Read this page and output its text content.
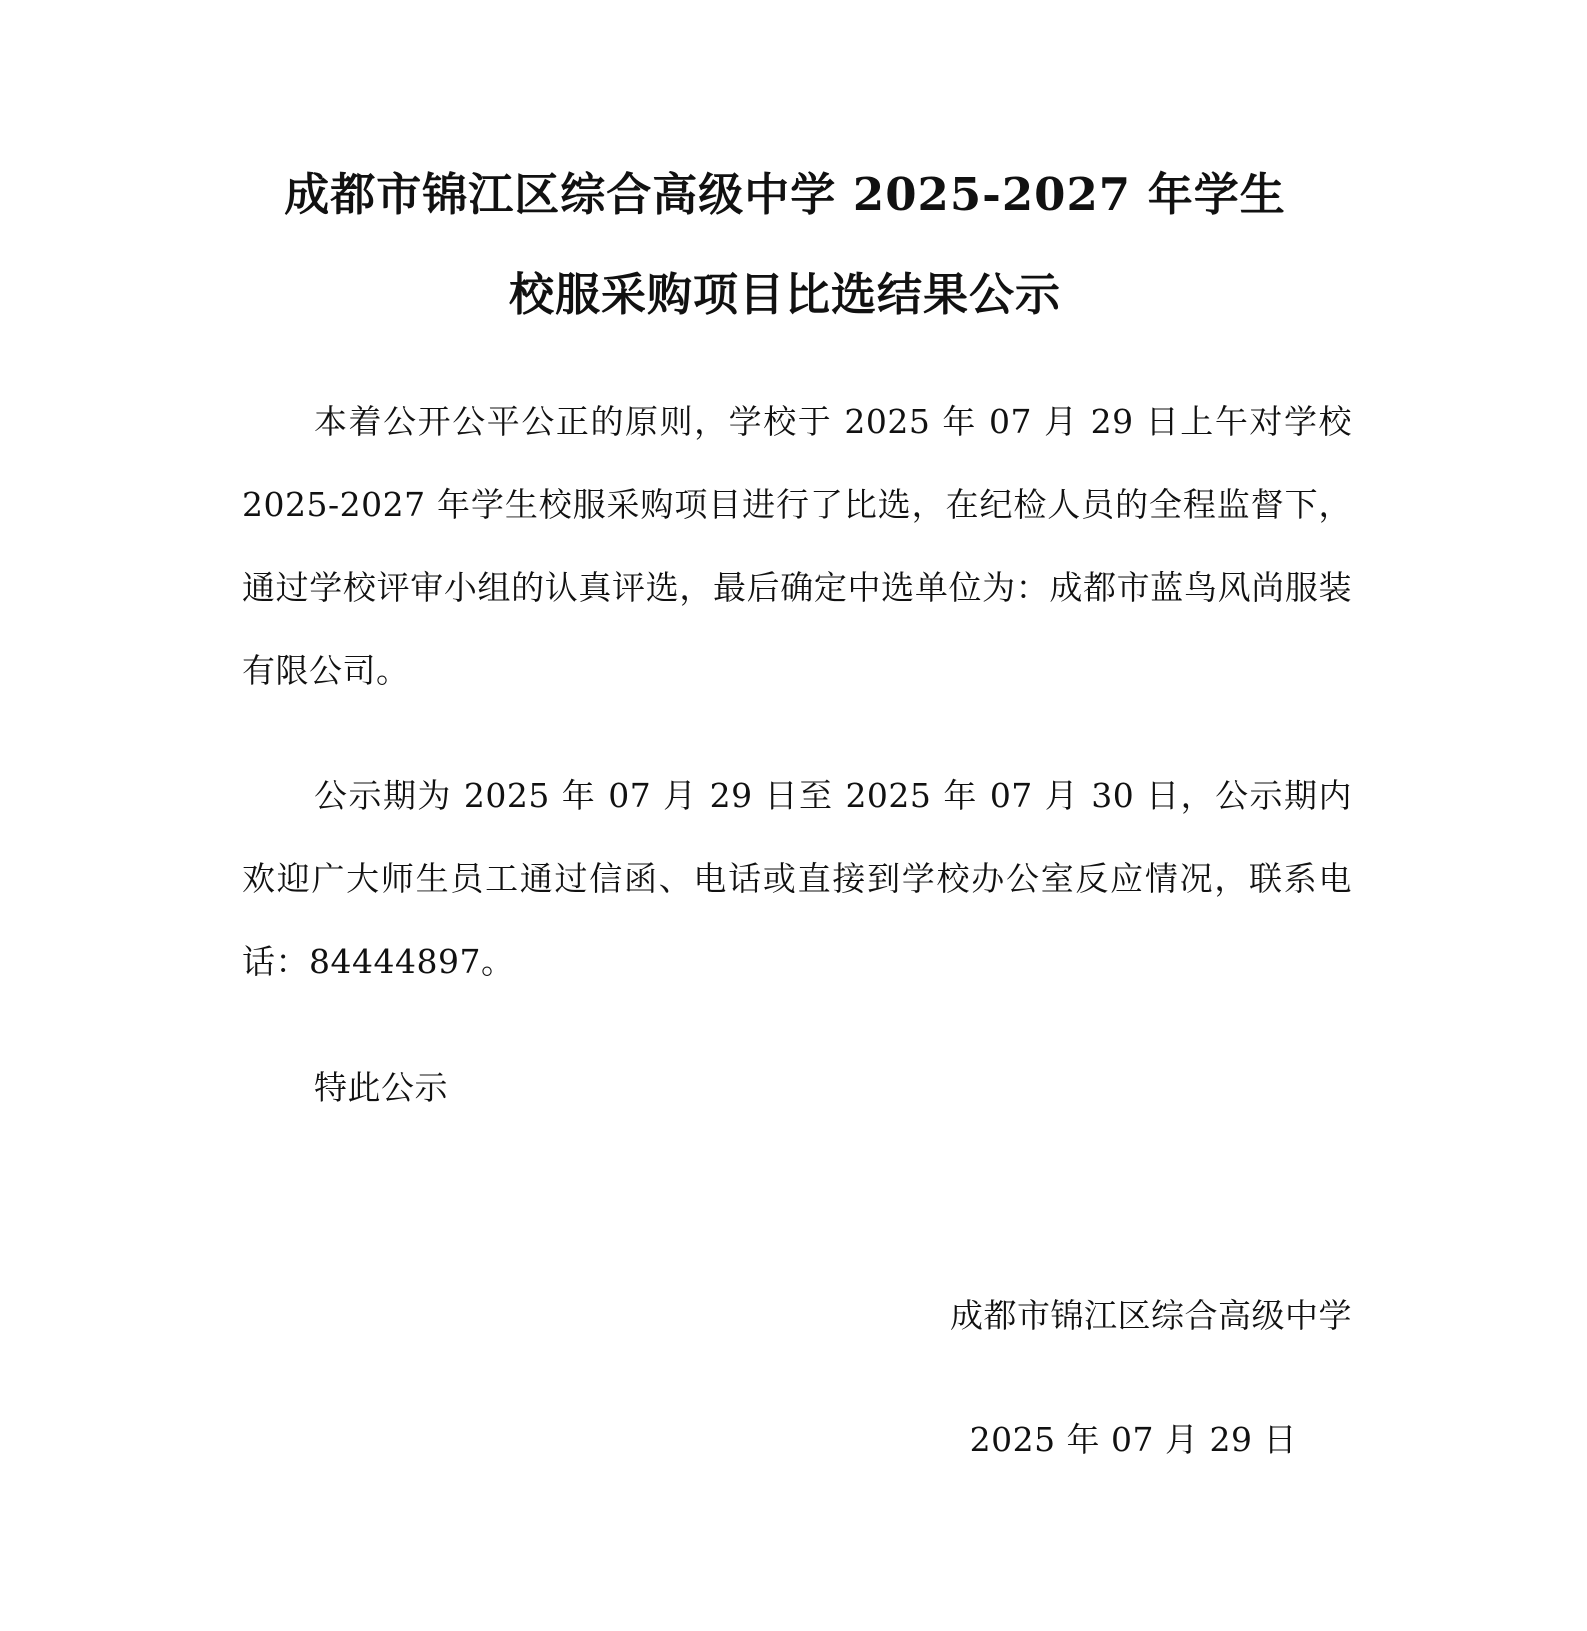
成都市锦江区综合高级中学 2025-2027 年学生
校服采购项目比选结果公示
本着公开公平公正的原则，学校于 2025 年 07 月 29 日上午对学校 2025-2027 年学生校服采购项目进行了比选，在纪检人员的全程监督下，通过学校评审小组的认真评选，最后确定中选单位为：成都市蓝鸟风尚服装有限公司。
公示期为 2025 年 07 月 29 日至 2025 年 07 月 30 日，公示期内欢迎广大师生员工通过信函、电话或直接到学校办公室反应情况，联系电话：84444897。
特此公示
成都市锦江区综合高级中学
2025 年 07 月 29 日
